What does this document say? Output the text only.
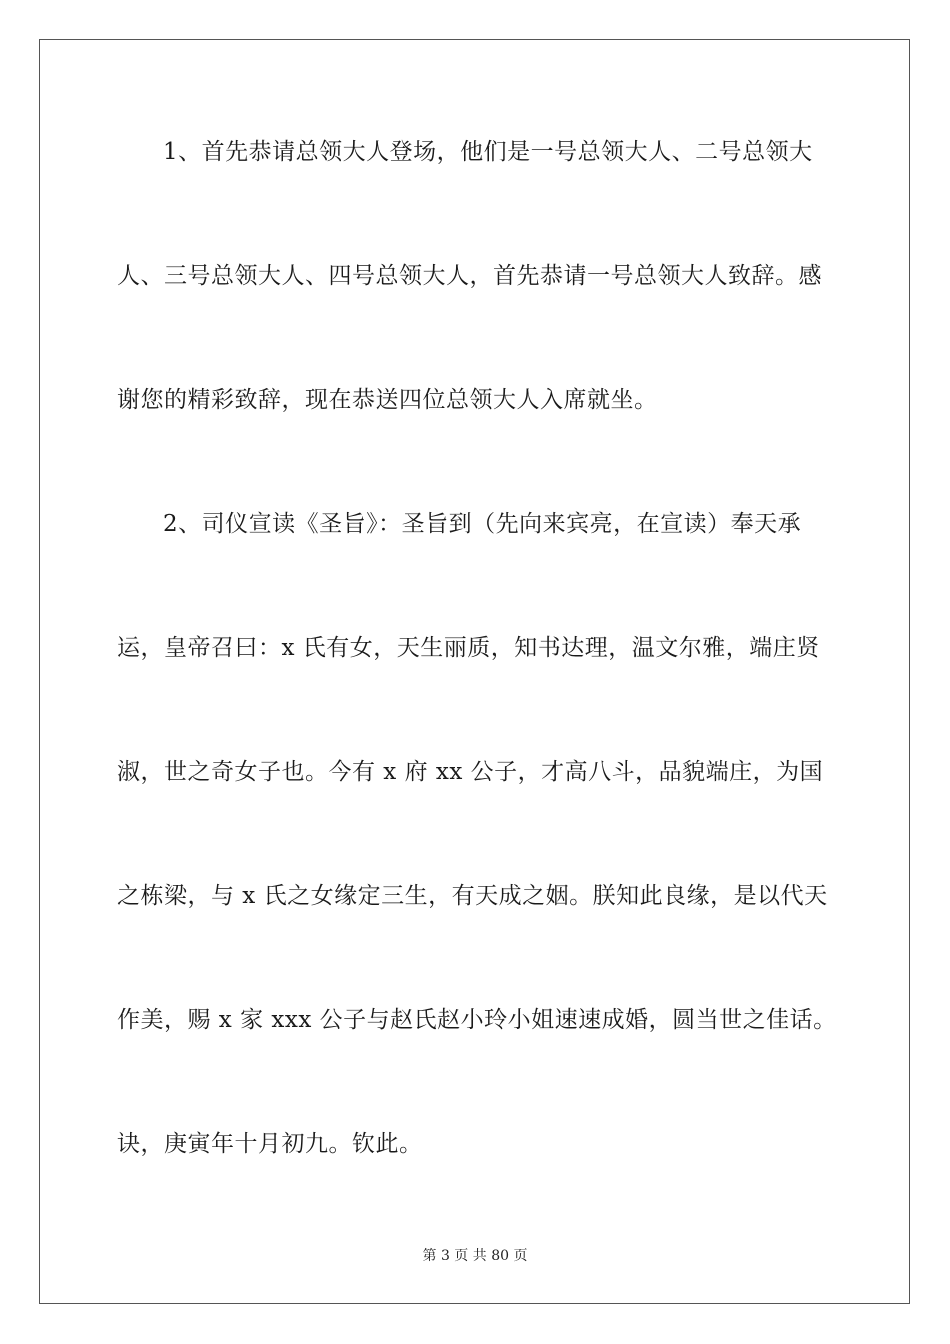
1、首先恭请总领大人登场，他们是一号总领大人、二号总领大
人、三号总领大人、四号总领大人，首先恭请一号总领大人致辞。感
谢您的精彩致辞，现在恭送四位总领大人入席就坐。
2、司仪宣读《圣旨》：圣旨到（先向来宾亮，在宣读）奉天承
运，皇帝召曰：x 氏有女，天生丽质，知书达理，温文尔雅，端庄贤
淑，世之奇女子也。今有 x 府 xx 公子，才高八斗，品貌端庄，为国
之栋梁，与 x 氏之女缘定三生，有天成之姻。朕知此良缘，是以代天
作美，赐 x 家 xxx 公子与赵氏赵小玲小姐速速成婚，圆当世之佳话。
诀，庚寅年十月初九。钦此。
第 3 页 共 80 页
